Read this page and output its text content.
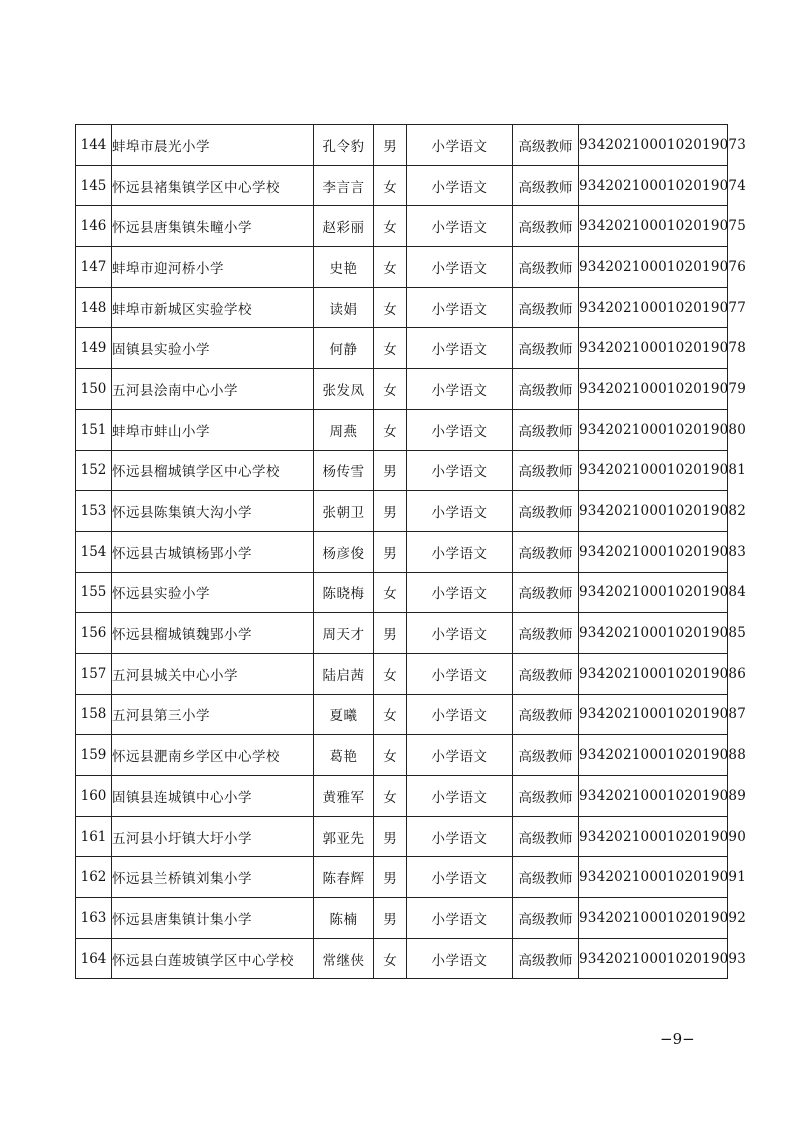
144	蚌埠市晨光小学	孔令豹	男	小学语文	高级教师	9342021000102019073
145	怀远县褚集镇学区中心学校	李言言	女	小学语文	高级教师	9342021000102019074
146	怀远县唐集镇朱疃小学	赵彩丽	女	小学语文	高级教师	9342021000102019075
147	蚌埠市迎河桥小学	史艳	女	小学语文	高级教师	9342021000102019076
148	蚌埠市新城区实验学校	读娟	女	小学语文	高级教师	9342021000102019077
149	固镇县实验小学	何静	女	小学语文	高级教师	9342021000102019078
150	五河县浍南中心小学	张发凤	女	小学语文	高级教师	9342021000102019079
151	蚌埠市蚌山小学	周燕	女	小学语文	高级教师	9342021000102019080
152	怀远县榴城镇学区中心学校	杨传雪	男	小学语文	高级教师	9342021000102019081
153	怀远县陈集镇大沟小学	张朝卫	男	小学语文	高级教师	9342021000102019082
154	怀远县古城镇杨郢小学	杨彦俊	男	小学语文	高级教师	9342021000102019083
155	怀远县实验小学	陈晓梅	女	小学语文	高级教师	9342021000102019084
156	怀远县榴城镇魏郢小学	周天才	男	小学语文	高级教师	9342021000102019085
157	五河县城关中心小学	陆启茜	女	小学语文	高级教师	9342021000102019086
158	五河县第三小学	夏曦	女	小学语文	高级教师	9342021000102019087
159	怀远县淝南乡学区中心学校	葛艳	女	小学语文	高级教师	9342021000102019088
160	固镇县连城镇中心小学	黄雅军	女	小学语文	高级教师	9342021000102019089
161	五河县小圩镇大圩小学	郭亚先	男	小学语文	高级教师	9342021000102019090
162	怀远县兰桥镇刘集小学	陈春辉	男	小学语文	高级教师	9342021000102019091
163	怀远县唐集镇计集小学	陈楠	男	小学语文	高级教师	9342021000102019092
164	怀远县白莲坡镇学区中心学校	常继侠	女	小学语文	高级教师	9342021000102019093
−9−
